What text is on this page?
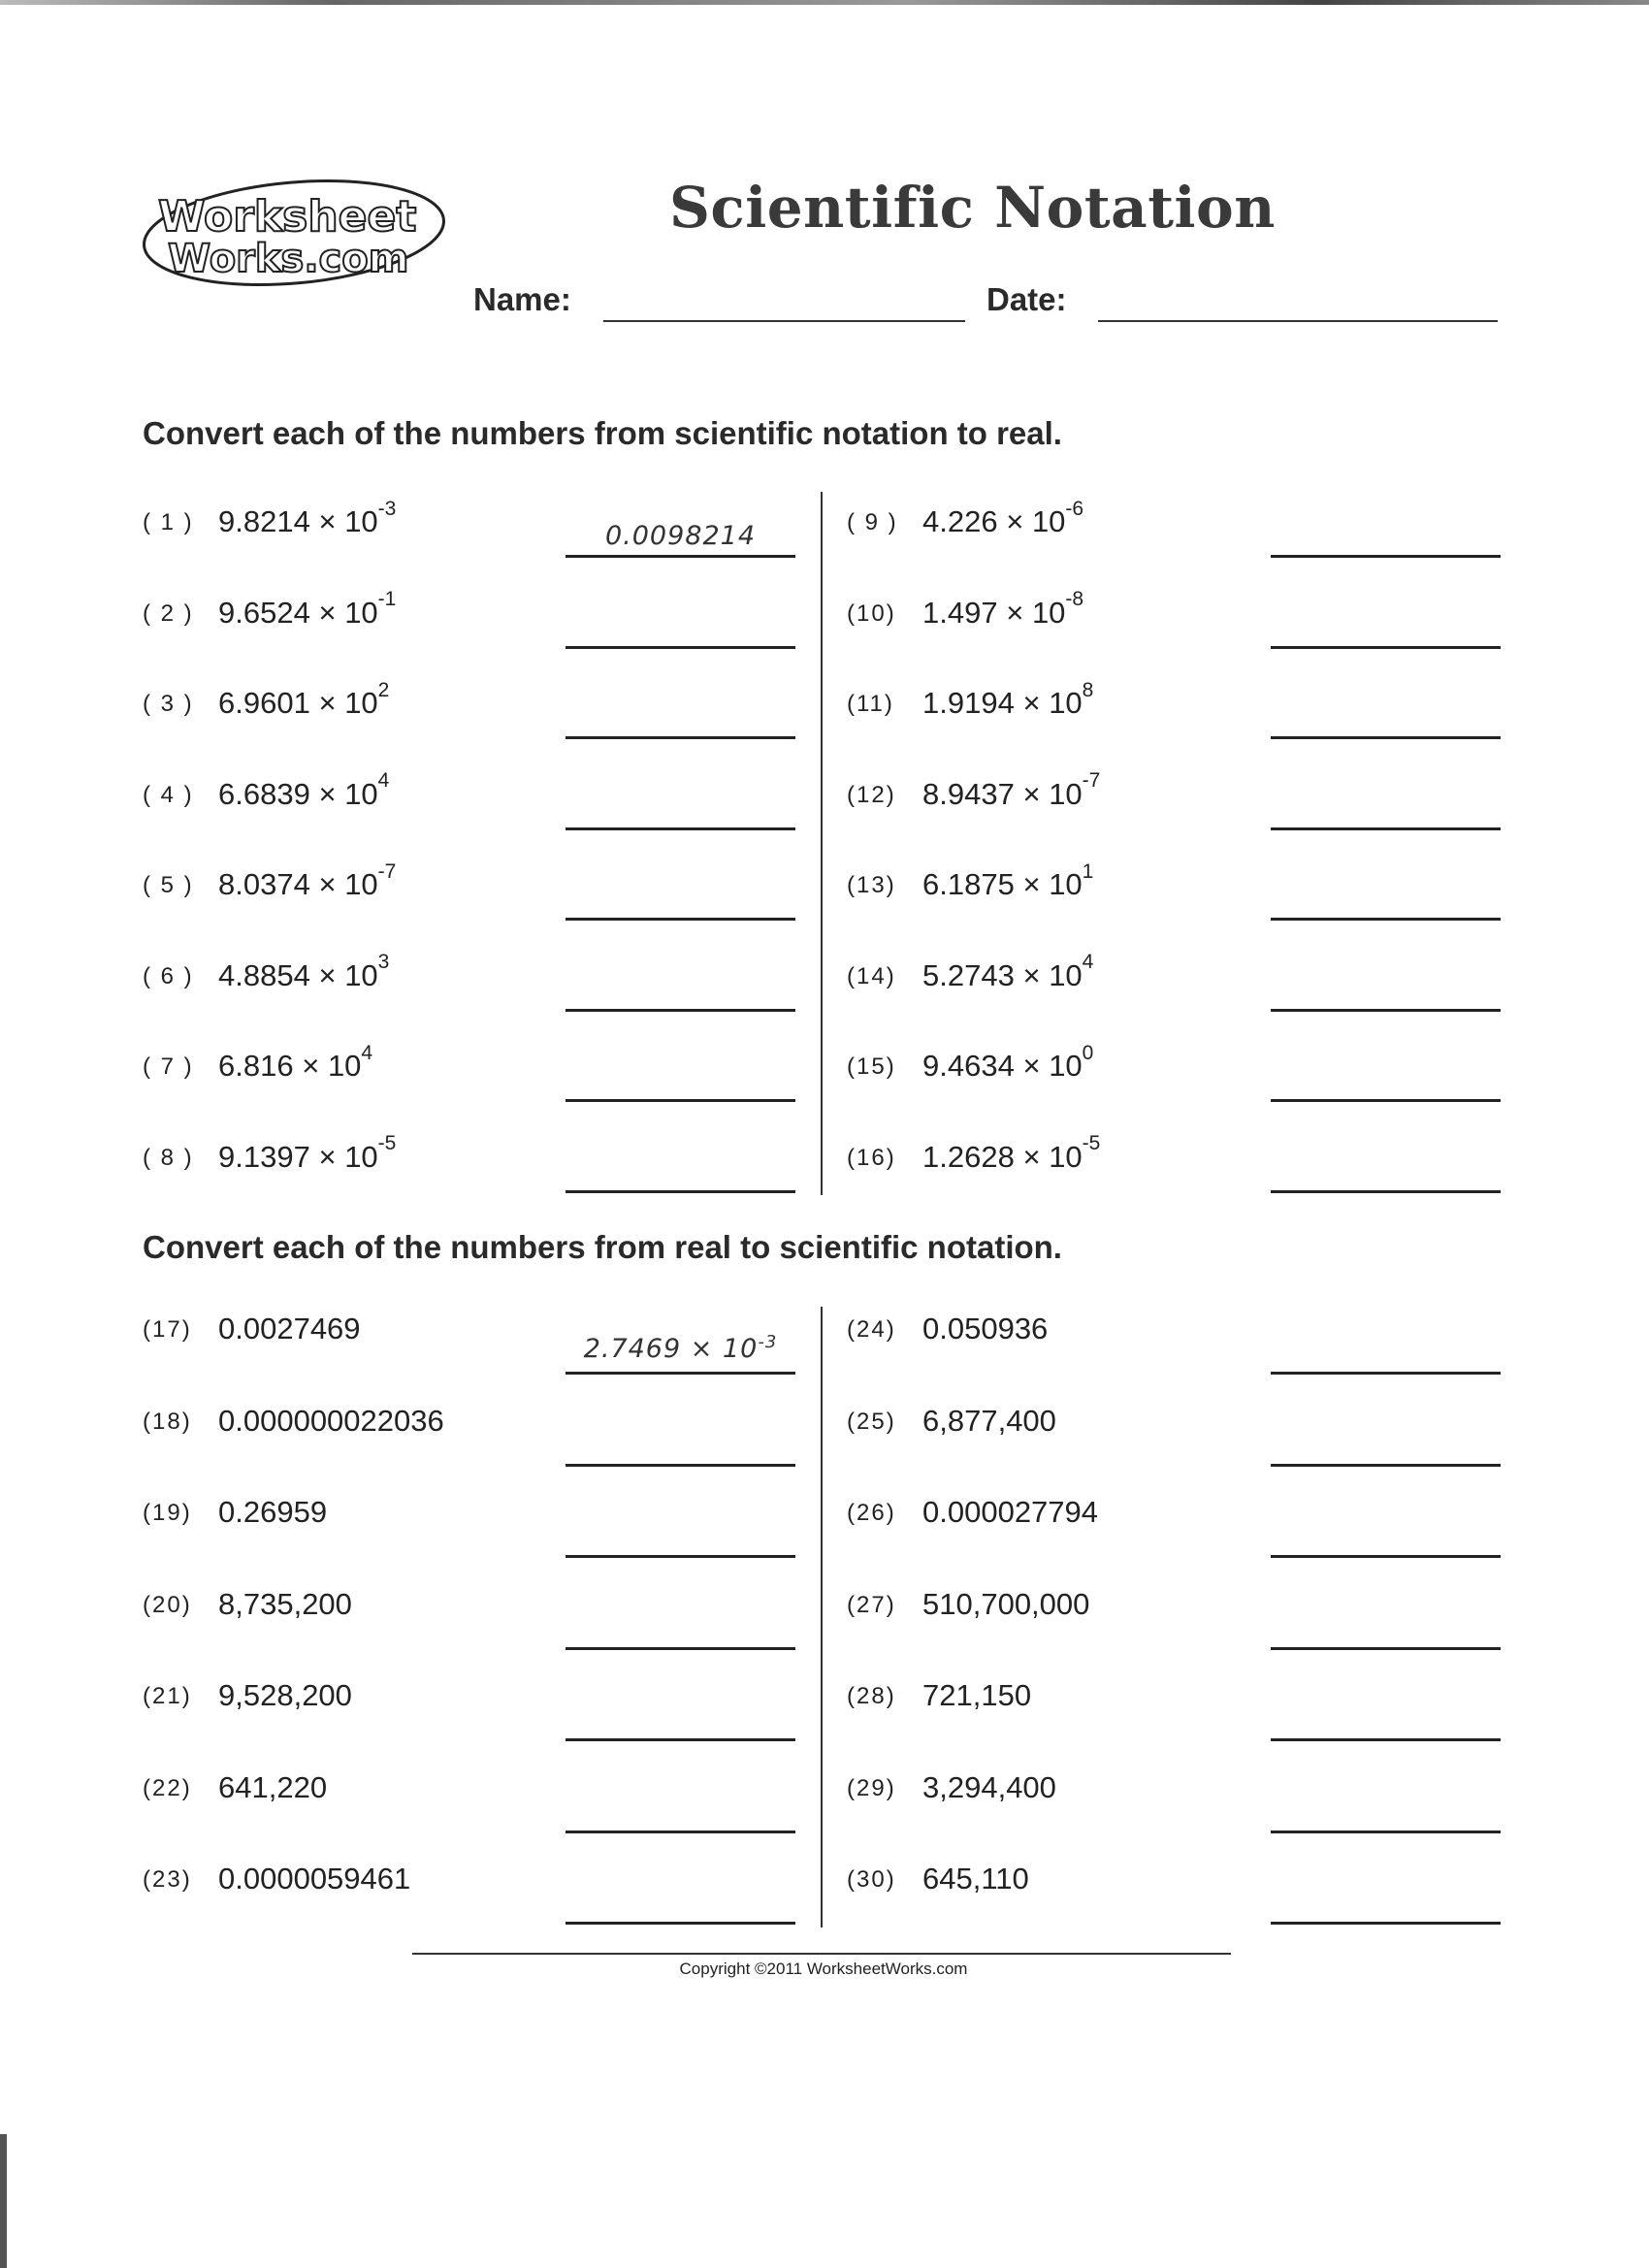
Worksheet
Works.com
Scientific Notation
Name:	Date:
Convert each of the numbers from scientific notation to real.
( 1 ) $9.8214 \times 10^{-3}$
0.0098214
( 2 ) $9.6524 \times 10^{-1}$
( 3 ) $6.9601 \times 10^2$
( 4 ) $6.6839 \times 10^4$
( 5 ) $8.0374 \times 10^{-7}$
( 6 ) $4.8854 \times 10^3$
( 7 ) $6.816 \times 10^4$
( 8 ) $9.1397 \times 10^{-5}$
( 9 ) $4.226 \times 10^{-6}$
(10) $1.497 \times 10^{-8}$
(11) $1.9194 \times 10^8$
(12) $8.9437 \times 10^{-7}$
(13) $6.1875 \times 10^1$
(14) $5.2743 \times 10^4$
(15) $9.4634 \times 10^0$
(16) $1.2628 \times 10^{-5}$
Convert each of the numbers from real to scientific notation.
(17) 0.0027469
$2.7469 \times 10^{-3}$
(18) 0.000000022036
(19) 0.26959
(20) 8,735,200
(21) 9,528,200
(22) 641,220
(23) 0.0000059461
(24) 0.050936
(25) 6,877,400
(26) 0.000027794
(27) 510,700,000
(28) 721,150
(29) 3,294,400
(30) 645,110
Copyright ©2011 WorksheetWorks.com
